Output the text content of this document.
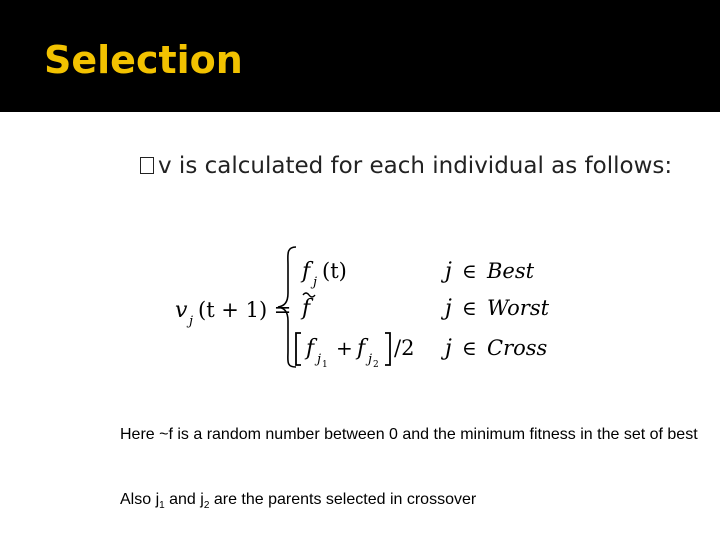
Selection
v is calculated for each individual as follows:
v j (t + 1) =
f j (t)
f
f j 1
+ f j 2
/2
j ∈ Best
j ∈ Worst
j ∈ Cross
Here ~f is a random number between 0 and the minimum fitness in the set of best
Also $j_1$ and $j_2$ are the parents selected in crossover
